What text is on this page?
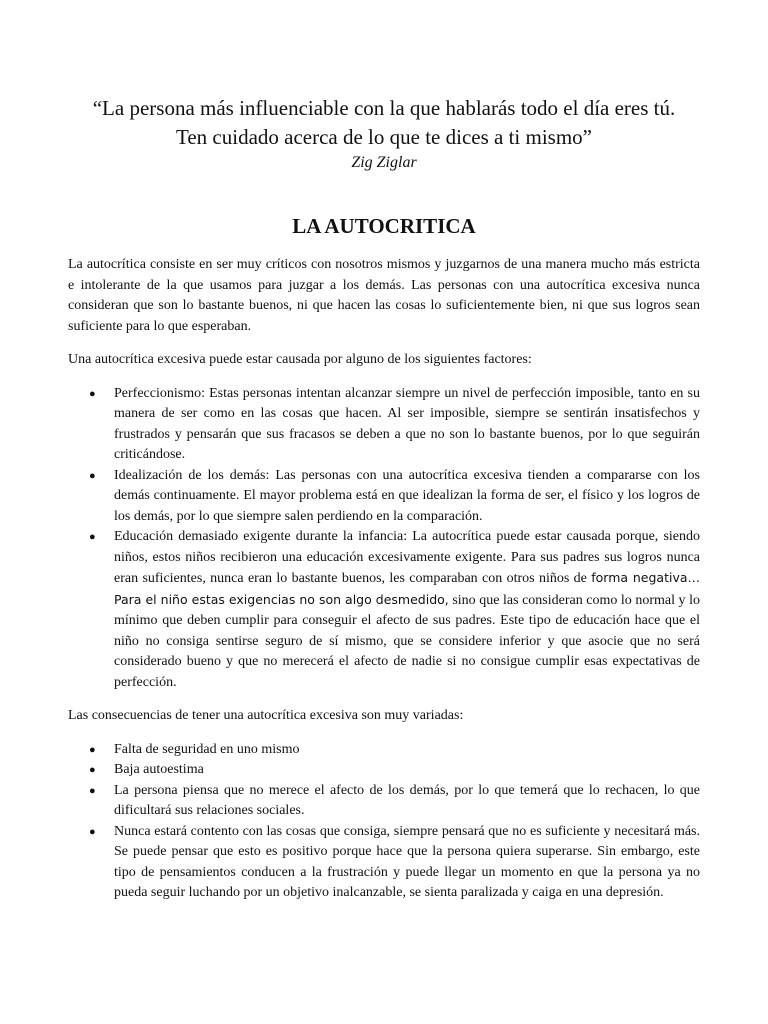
“La persona más influenciable con la que hablarás todo el día eres tú.
Ten cuidado acerca de lo que te dices a ti mismo”
Zig Ziglar
LA AUTOCRITICA

La autocrítica consiste en ser muy críticos con nosotros mismos y juzgarnos de una manera mucho más estricta e intolerante de la que usamos para juzgar a los demás. Las personas con una autocrítica excesiva nunca consideran que son lo bastante buenos, ni que hacen las cosas lo suficientemente bien, ni que sus logros sean suficiente para lo que esperaban.

Una autocrítica excesiva puede estar causada por alguno de los siguientes factores:

● Perfeccionismo: Estas personas intentan alcanzar siempre un nivel de perfección imposible, tanto en su manera de ser como en las cosas que hacen. Al ser imposible, siempre se sentirán insatisfechos y frustrados y pensarán que sus fracasos se deben a que no son lo bastante buenos, por lo que seguirán criticándose.
● Idealización de los demás: Las personas con una autocrítica excesiva tienden a compararse con los demás continuamente. El mayor problema está en que idealizan la forma de ser, el físico y los logros de los demás, por lo que siempre salen perdiendo en la comparación.
● Educación demasiado exigente durante la infancia: La autocrítica puede estar causada porque, siendo niños, estos niños recibieron una educación excesivamente exigente. Para sus padres sus logros nunca eran suficientes, nunca eran lo bastante buenos, les comparaban con otros niños de forma negativa… Para el niño estas exigencias no son algo desmedido, sino que las consideran como lo normal y lo mínimo que deben cumplir para conseguir el afecto de sus padres. Este tipo de educación hace que el niño no consiga sentirse seguro de sí mismo, que se considere inferior y que asocie que no será considerado bueno y que no merecerá el afecto de nadie si no consigue cumplir esas expectativas de perfección.

Las consecuencias de tener una autocrítica excesiva son muy variadas:

● Falta de seguridad en uno mismo
● Baja autoestima
● La persona piensa que no merece el afecto de los demás, por lo que temerá que lo rechacen, lo que dificultará sus relaciones sociales.
● Nunca estará contento con las cosas que consiga, siempre pensará que no es suficiente y necesitará más. Se puede pensar que esto es positivo porque hace que la persona quiera superarse. Sin embargo, este tipo de pensamientos conducen a la frustración y puede llegar un momento en que la persona ya no pueda seguir luchando por un objetivo inalcanzable, se sienta paralizada y caiga en una depresión.
